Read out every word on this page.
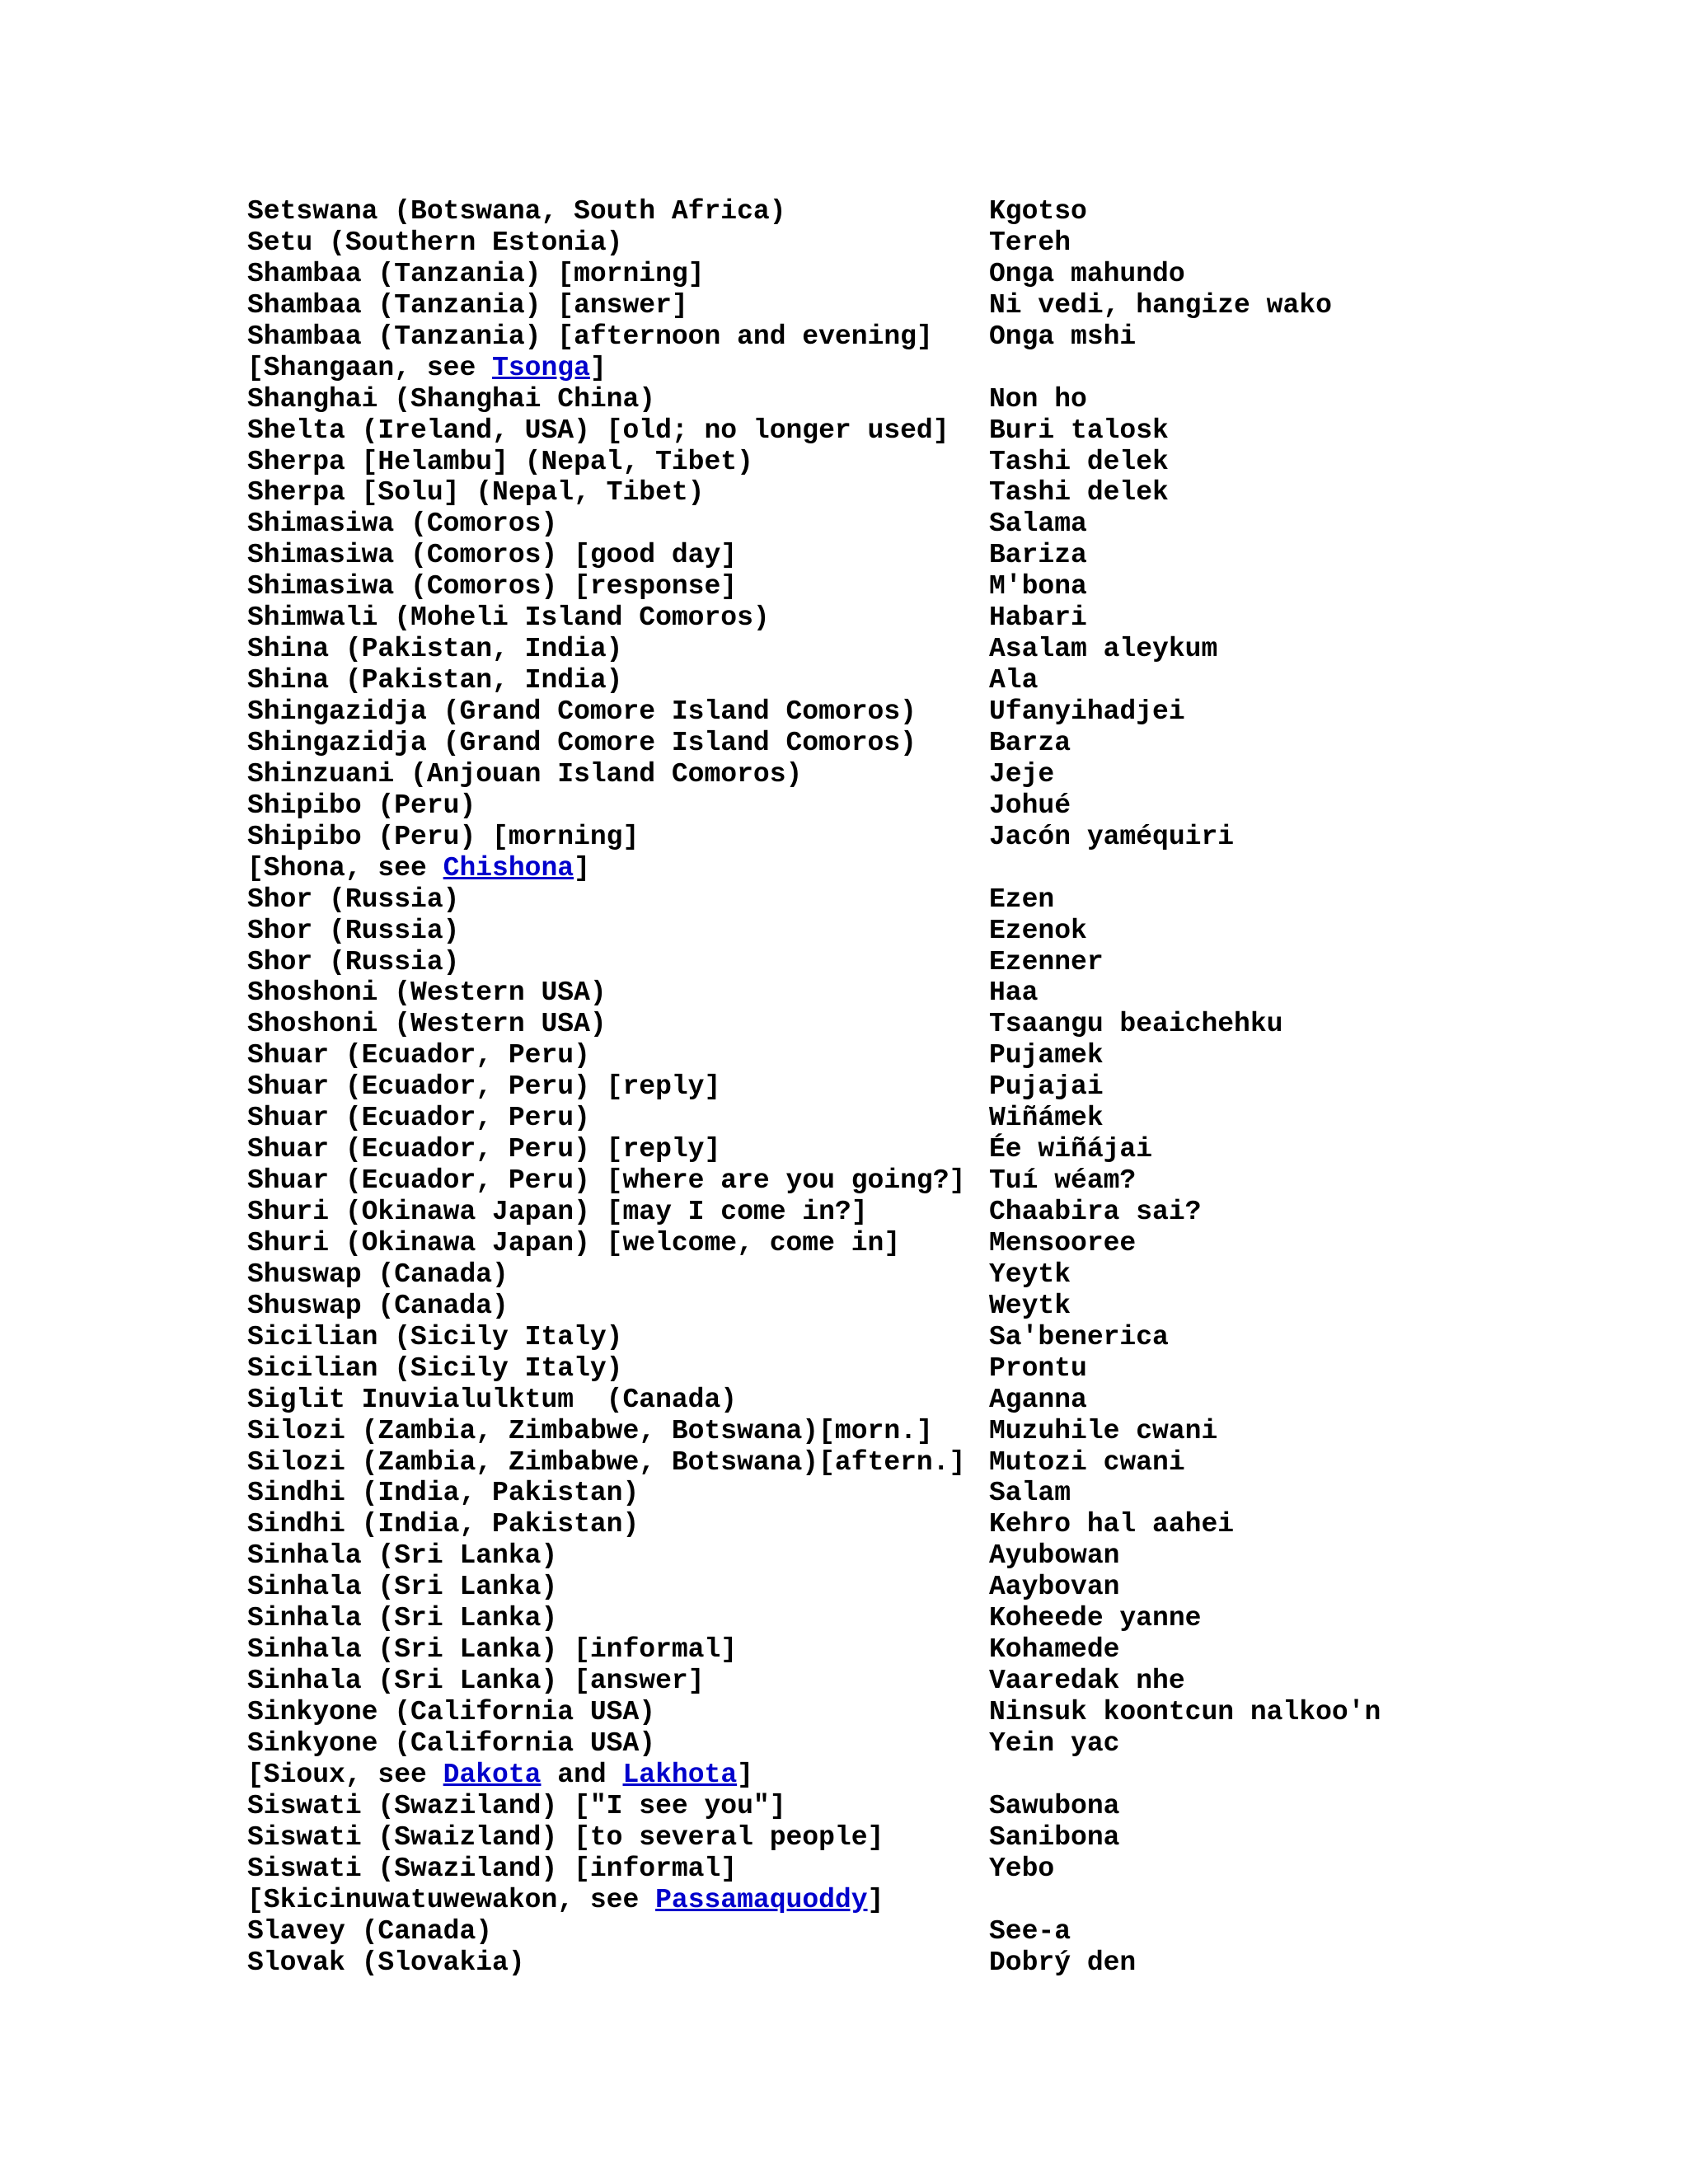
Setswana (Botswana, South Africa)	Kgotso
Setu (Southern Estonia)	Tereh
Shambaa (Tanzania) [morning]	Onga mahundo
Shambaa (Tanzania) [answer]	Ni vedi, hangize wako
Shambaa (Tanzania) [afternoon and evening]	Onga mshi
[Shangaan, see Tsonga]
Shanghai (Shanghai China)	Non ho
Shelta (Ireland, USA) [old; no longer used]	Buri talosk
Sherpa [Helambu] (Nepal, Tibet)	Tashi delek
Sherpa [Solu] (Nepal, Tibet)	Tashi delek
Shimasiwa (Comoros)	Salama
Shimasiwa (Comoros) [good day]	Bariza
Shimasiwa (Comoros) [response]	M'bona
Shimwali (Moheli Island Comoros)	Habari
Shina (Pakistan, India)	Asalam aleykum
Shina (Pakistan, India)	Ala
Shingazidja (Grand Comore Island Comoros)	Ufanyihadjei
Shingazidja (Grand Comore Island Comoros)	Barza
Shinzuani (Anjouan Island Comoros)	Jeje
Shipibo (Peru)	Johué
Shipibo (Peru) [morning]	Jacón yaméquiri
[Shona, see Chishona]
Shor (Russia)	Ezen
Shor (Russia)	Ezenok
Shor (Russia)	Ezenner
Shoshoni (Western USA)	Haa
Shoshoni (Western USA)	Tsaangu beaichehku
Shuar (Ecuador, Peru)	Pujamek
Shuar (Ecuador, Peru) [reply]	Pujajai
Shuar (Ecuador, Peru)	Wiñámek
Shuar (Ecuador, Peru) [reply]	Ée wiñájai
Shuar (Ecuador, Peru) [where are you going?] Tuí wéam?
Shuri (Okinawa Japan) [may I come in?]	Chaabira sai?
Shuri (Okinawa Japan) [welcome, come in]	Mensooree
Shuswap (Canada)	Yeytk
Shuswap (Canada)	Weytk
Sicilian (Sicily Italy)	Sa'benerica
Sicilian (Sicily Italy)	Prontu
Siglit Inuvialulktum  (Canada)	Aganna
Silozi (Zambia, Zimbabwe, Botswana)[morn.]	Muzuhile cwani
Silozi (Zambia, Zimbabwe, Botswana)[aftern.] Mutozi cwani
Sindhi (India, Pakistan)	Salam
Sindhi (India, Pakistan)	Kehro hal aahei
Sinhala (Sri Lanka)	Ayubowan
Sinhala (Sri Lanka)	Aaybovan
Sinhala (Sri Lanka)	Koheede yanne
Sinhala (Sri Lanka) [informal]	Kohamede
Sinhala (Sri Lanka) [answer]	Vaaredak nhe
Sinkyone (California USA)	Ninsuk koontcun nalkoo'n
Sinkyone (California USA)	Yein yac
[Sioux, see Dakota and Lakhota]
Siswati (Swaziland) ["I see you"]	Sawubona
Siswati (Swaizland) [to several people]	Sanibona
Siswati (Swaziland) [informal]	Yebo
[Skicinuwatuwewakon, see Passamaquoddy]
Slavey (Canada)	See-a
Slovak (Slovakia)	Dobrý den
